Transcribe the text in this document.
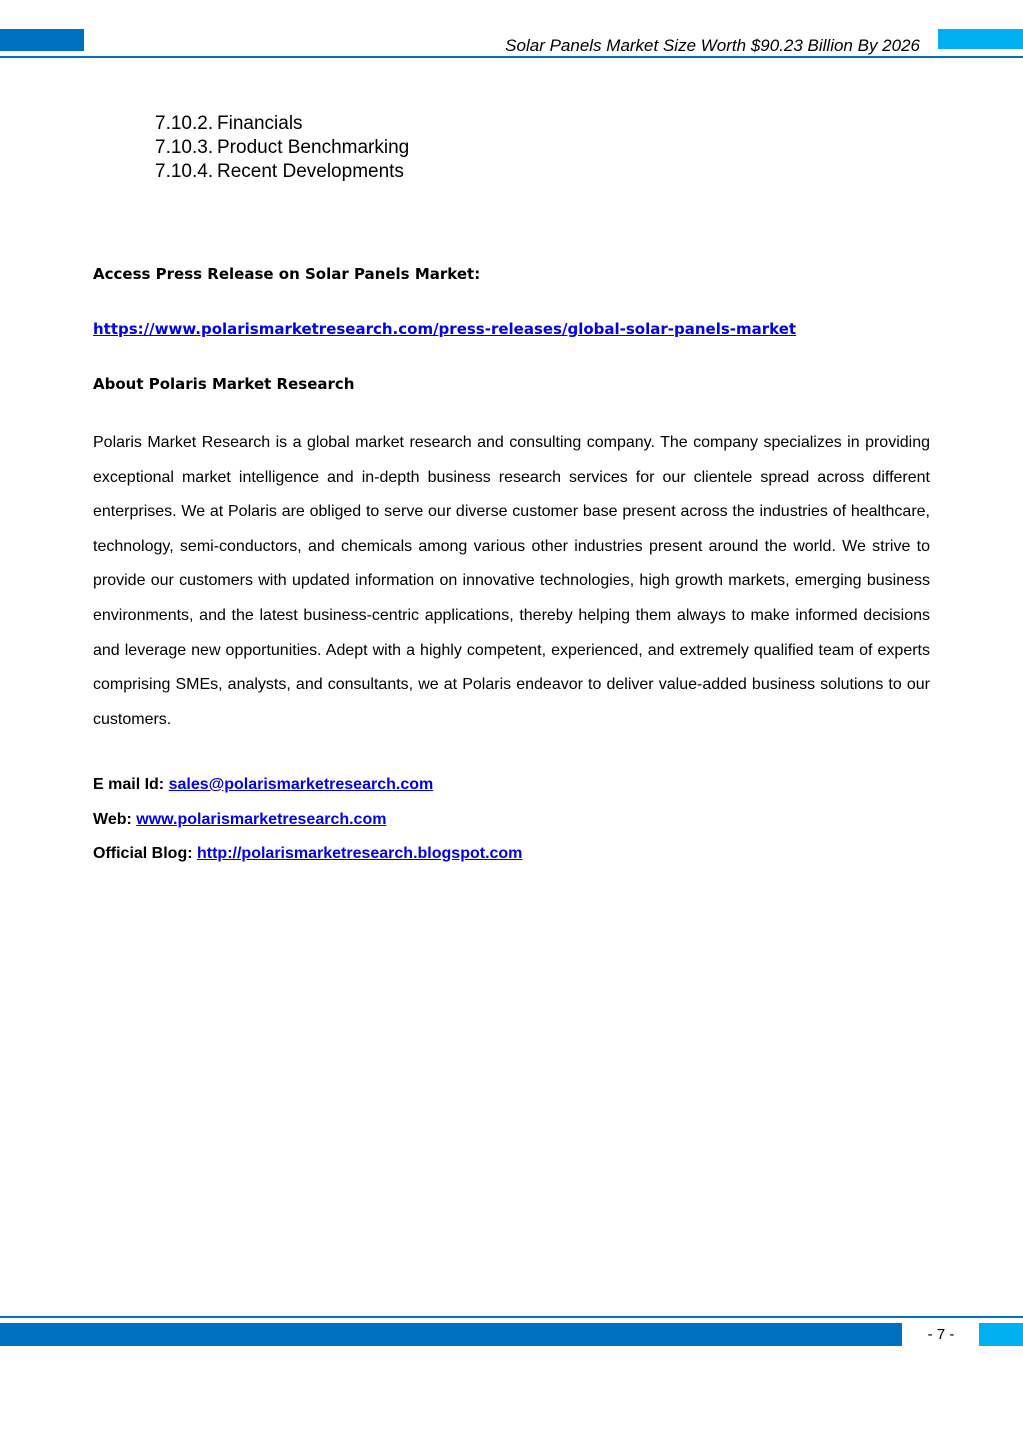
Solar Panels Market Size Worth $90.23 Billion By 2026
7.10.2. Financials
7.10.3. Product Benchmarking
7.10.4. Recent Developments
Access Press Release on Solar Panels Market:
https://www.polarismarketresearch.com/press-releases/global-solar-panels-market
About Polaris Market Research
Polaris Market Research is a global market research and consulting company. The company specializes in providing exceptional market intelligence and in-depth business research services for our clientele spread across different enterprises. We at Polaris are obliged to serve our diverse customer base present across the industries of healthcare, technology, semi-conductors, and chemicals among various other industries present around the world. We strive to provide our customers with updated information on innovative technologies, high growth markets, emerging business environments, and the latest business-centric applications, thereby helping them always to make informed decisions and leverage new opportunities. Adept with a highly competent, experienced, and extremely qualified team of experts comprising SMEs, analysts, and consultants, we at Polaris endeavor to deliver value-added business solutions to our customers.
E mail Id: sales@polarismarketresearch.com
Web: www.polarismarketresearch.com
Official Blog: http://polarismarketresearch.blogspot.com
- 7 -
